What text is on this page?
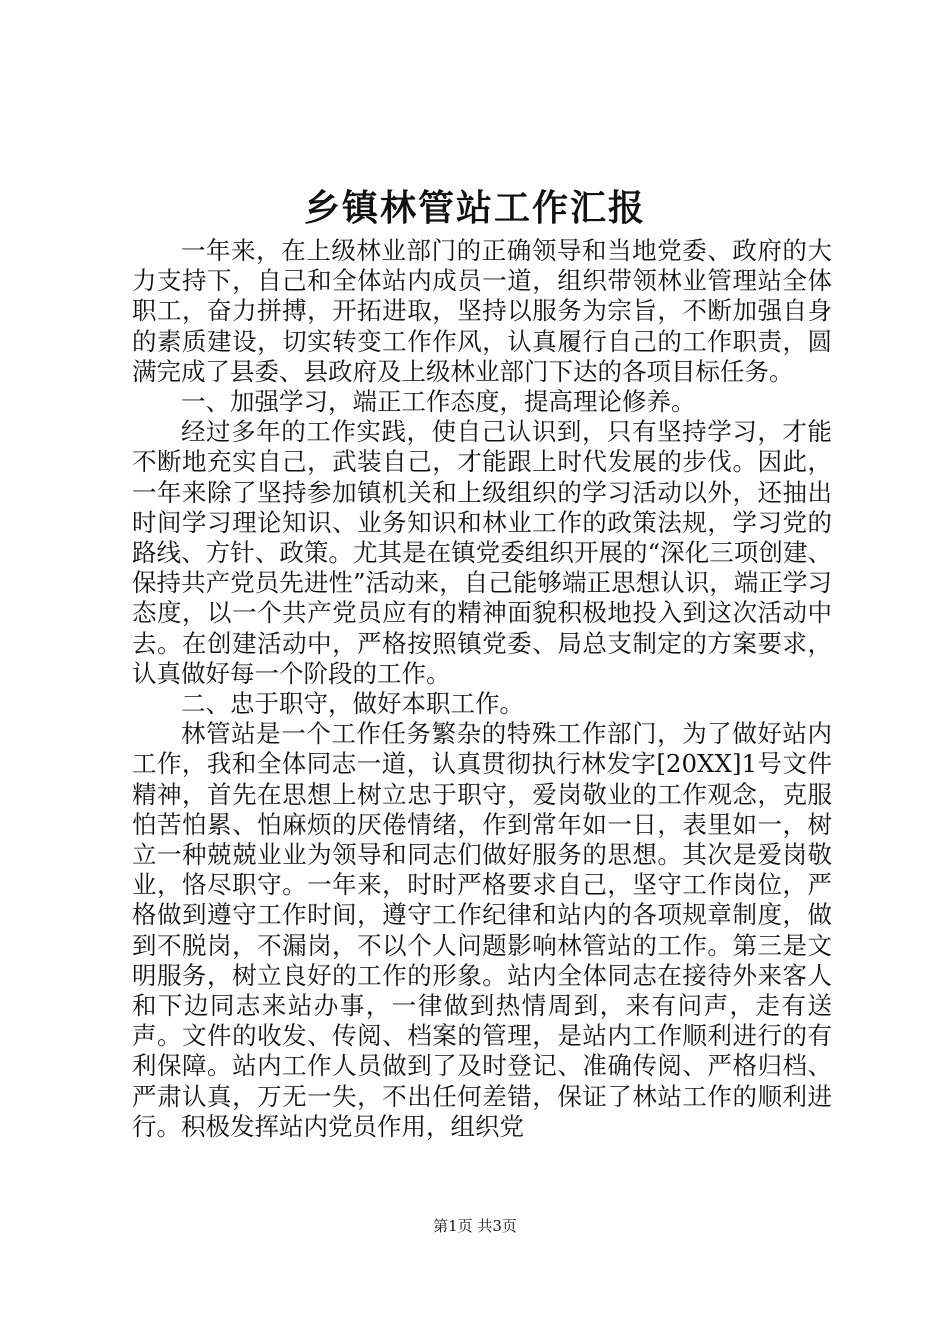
乡镇林管站工作汇报

一年来，在上级林业部门的正确领导和当地党委、政府的大力支持下，自己和全体站内成员一道，组织带领林业管理站全体职工，奋力拼搏，开拓进取，坚持以服务为宗旨，不断加强自身的素质建设，切实转变工作作风，认真履行自己的工作职责，圆满完成了县委、县政府及上级林业部门下达的各项目标任务。

一、加强学习，端正工作态度，提高理论修养。

经过多年的工作实践，使自己认识到，只有坚持学习，才能不断地充实自己，武装自己，才能跟上时代发展的步伐。因此，一年来除了坚持参加镇机关和上级组织的学习活动以外，还抽出时间学习理论知识、业务知识和林业工作的政策法规，学习党的路线、方针、政策。尤其是在镇党委组织开展的“深化三项创建、保持共产党员先进性”活动来，自己能够端正思想认识，端正学习态度，以一个共产党员应有的精神面貌积极地投入到这次活动中去。在创建活动中，严格按照镇党委、局总支制定的方案要求，认真做好每一个阶段的工作。

二、忠于职守，做好本职工作。

林管站是一个工作任务繁杂的特殊工作部门，为了做好站内工作，我和全体同志一道，认真贯彻执行林发字[20XX]1号文件精神，首先在思想上树立忠于职守，爱岗敬业的工作观念，克服怕苦怕累、怕麻烦的厌倦情绪，作到常年如一日，表里如一，树立一种兢兢业业为领导和同志们做好服务的思想。其次是爱岗敬业，恪尽职守。一年来，时时严格要求自己，坚守工作岗位，严格做到遵守工作时间，遵守工作纪律和站内的各项规章制度，做到不脱岗，不漏岗，不以个人问题影响林管站的工作。第三是文明服务，树立良好的工作的形象。站内全体同志在接待外来客人和下边同志来站办事，一律做到热情周到，来有问声，走有送声。文件的收发、传阅、档案的管理，是站内工作顺利进行的有利保障。站内工作人员做到了及时登记、准确传阅、严格归档、严肃认真，万无一失，不出任何差错，保证了林站工作的顺利进行。积极发挥站内党员作用，组织党

第1页 共3页
